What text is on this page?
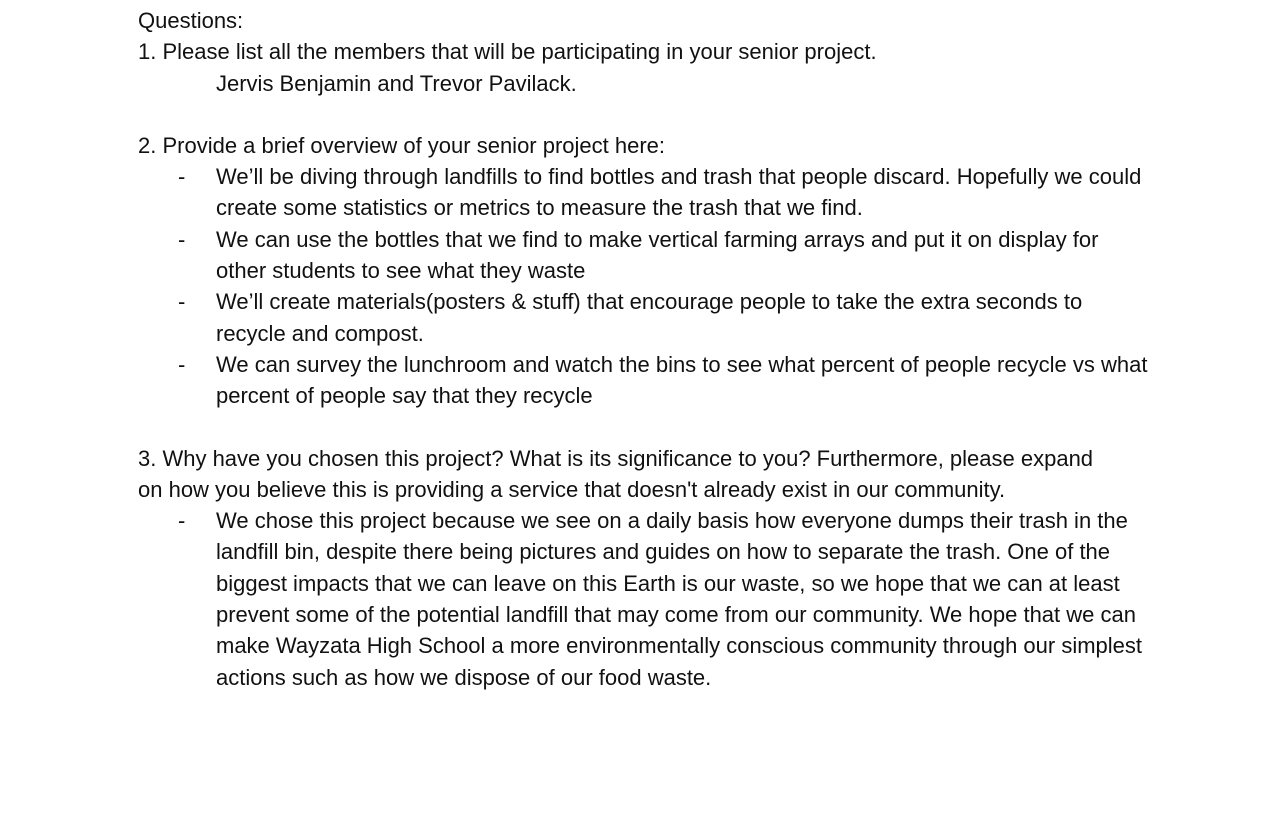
Questions:

1. Please list all the members that will be participating in your senior project.

Jervis Benjamin and Trevor Pavilack.

2. Provide a brief overview of your senior project here:

- We’ll be diving through landfills to find bottles and trash that people discard. Hopefully we could create some statistics or metrics to measure the trash that we find.
- We can use the bottles that we find to make vertical farming arrays and put it on display for other students to see what they waste
- We’ll create materials(posters & stuff) that encourage people to take the extra seconds to recycle and compost.
- We can survey the lunchroom and watch the bins to see what percent of people recycle vs what percent of people say that they recycle

3. Why have you chosen this project? What is its significance to you? Furthermore, please expand on how you believe this is providing a service that doesn't already exist in our community.

- We chose this project because we see on a daily basis how everyone dumps their trash in the landfill bin, despite there being pictures and guides on how to separate the trash. One of the biggest impacts that we can leave on this Earth is our waste, so we hope that we can at least prevent some of the potential landfill that may come from our community. We hope that we can make Wayzata High School a more environmentally conscious community through our simplest actions such as how we dispose of our food waste.
